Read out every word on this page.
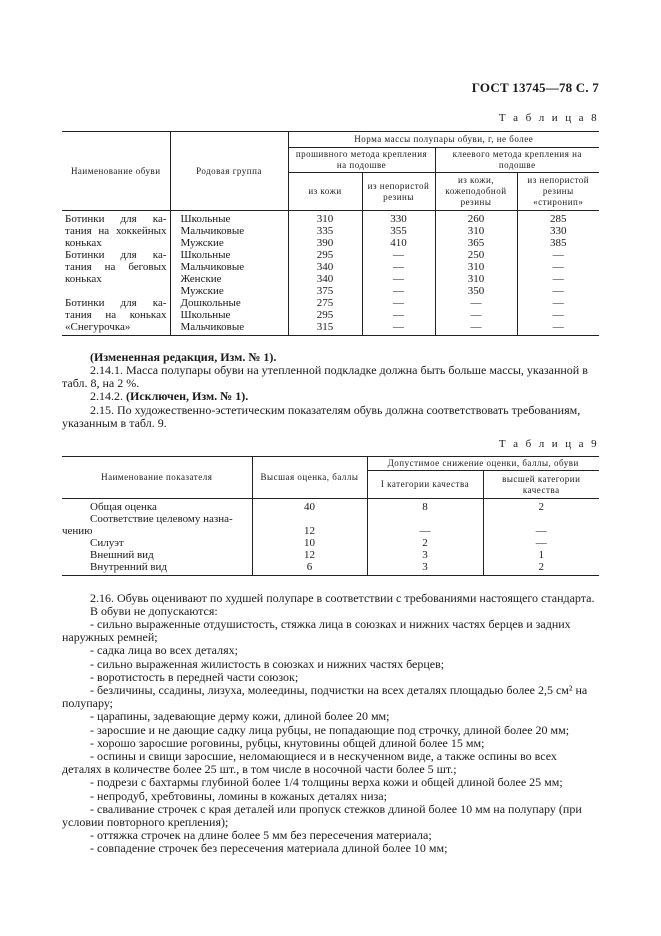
ГОСТ 13745—78 С. 7
Т а б л и ц а 8
Наименование обуви	Родовая группа	Норма массы полупары обуви, г, не более			
		прошивного метода крепления на подошве		клеевого метода крепления на подошве	
		из кожи	из непористой резины	из кожи, кожеподобной резины	из непористой резины «стиронип»
Ботинки для ка-	Школьные	310	330	260	285
тания на хоккейных	Мальчиковые	335	355	310	330
коньках	Мужские	390	410	365	385
Ботинки для ка-	Школьные	295	—	250	—
тания на беговых	Мальчиковые	340	—	310	—
коньках	Женские	340	—	310	—
	Мужские	375	—	350	—
Ботинки для ка-	Дошкольные	275	—	—	—
тания на коньках	Школьные	295	—	—	—
«Снегурочка»	Мальчиковые	315	—	—	—
(Измененная редакция, Изм. № 1).
2.14.1. Масса полупары обуви на утепленной подкладке должна быть больше массы, указанной в табл. 8, на 2 %.
2.14.2. (Исключен, Изм. № 1).
2.15. По художественно-эстетическим показателям обувь должна соответствовать требованиям, указанным в табл. 9.
Т а б л и ц а 9
Наименование показателя	Высшая оценка, баллы	Допустимое снижение оценки, баллы, обуви	
		I категории качества	высшей категории качества
Общая оценка	40	8	2
Соответствие целевому назна-			
чению	12	—	—
Силуэт	10	2	—
Внешний вид	12	3	1
Внутренний вид	6	3	2
2.16. Обувь оценивают по худшей полупаре в соответствии с требованиями настоящего стандарта.
В обуви не допускаются:
- сильно выраженные отдушистость, стяжка лица в союзках и нижних частях берцев и задних наружных ремней;
- садка лица во всех деталях;
- сильно выраженная жилистость в союзках и нижних частях берцев;
- воротистость в передней части союзок;
- безличины, ссадины, лизуха, молеедины, подчистки на всех деталях площадью более 2,5 см² на полупару;
- царапины, задевающие дерму кожи, длиной более 20 мм;
- заросшие и не дающие садку лица рубцы, не попадающие под строчку, длиной более 20 мм;
- хорошо заросшие роговины, рубцы, кнутовины общей длиной более 15 мм;
- оспины и свищи заросшие, неломающиеся и в нескученном виде, а также оспины во всех деталях в количестве более 25 шт., в том числе в носочной части более 5 шт.;
- подрези с бахтармы глубиной более 1/4 толщины верха кожи и общей длиной более 25 мм;
- непродуб, хребтовины, ломины в кожаных деталях низа;
- сваливание строчек с края деталей или пропуск стежков длиной более 10 мм на полупару (при условии повторного крепления);
- оттяжка строчек на длине более 5 мм без пересечения материала;
- совпадение строчек без пересечения материала длиной более 10 мм;
